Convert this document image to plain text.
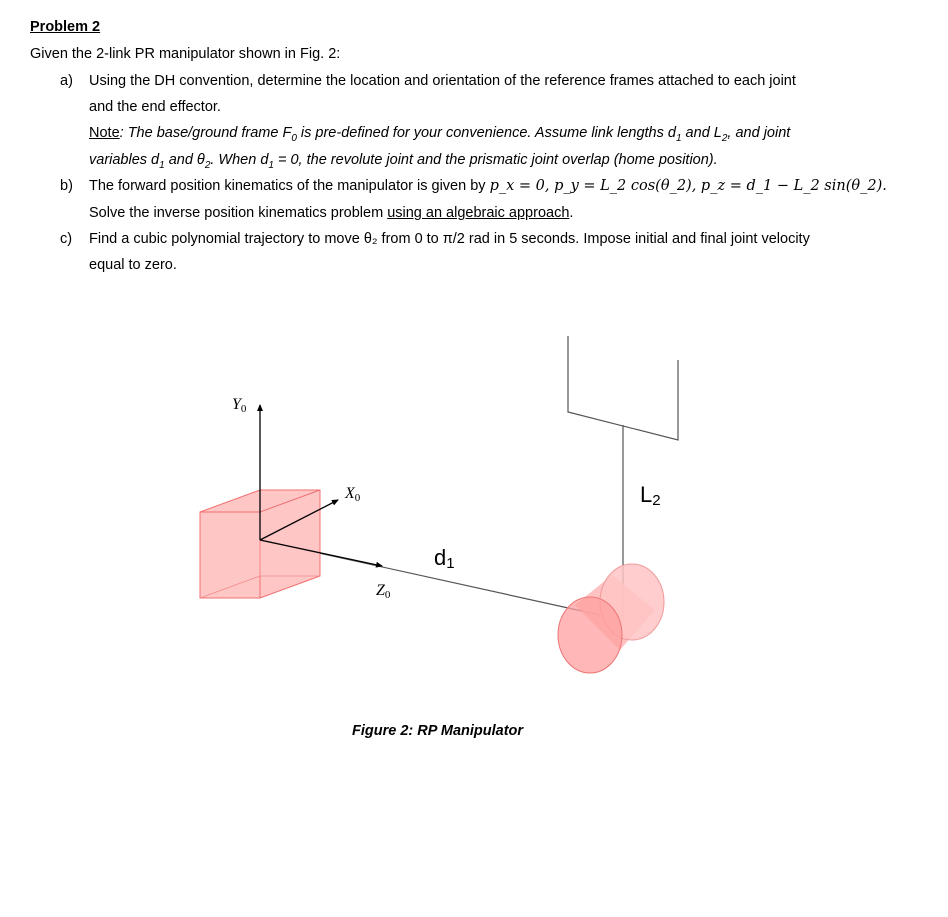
Problem 2
Given the 2-link PR manipulator shown in Fig. 2:
a) Using the DH convention, determine the location and orientation of the reference frames attached to each joint
and the end effector.
Note: The base/ground frame $F_0$ is pre-defined for your convenience. Assume link lengths $d_1$ and $L_2$, and joint
variables $d_1$ and $\theta_2$. When $d_1 = 0$, the revolute joint and the prismatic joint overlap (home position).
b) The forward position kinematics of the manipulator is given by p_x = 0, p_y = L_2 cos(θ_2), p_z = d_1 − L_2 sin(θ_2).
Solve the inverse position kinematics problem using an algebraic approach.
c) Find a cubic polynomial trajectory to move θ₂ from 0 to π/2 rad in 5 seconds. Impose initial and final joint velocity
equal to zero.
Y0
X0
Z0
d1
L2
Figure 2: RP Manipulator
